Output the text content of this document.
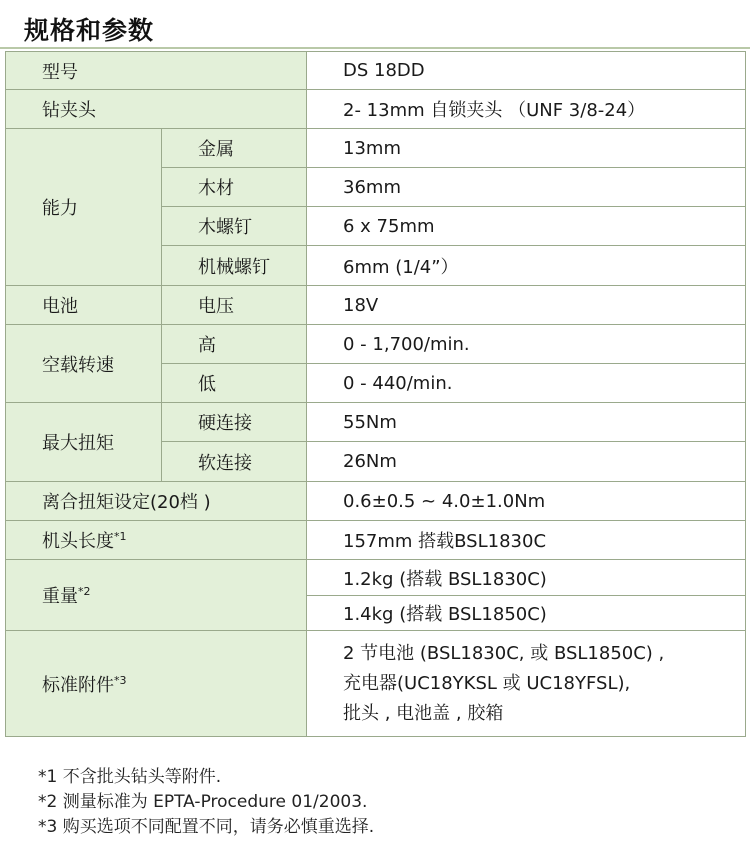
规格和参数
型号		DS 18DD
钻夹头		2- 13mm 自锁夹头 （UNF 3/8-24）
能力	金属	13mm
	木材	36mm
	木螺钉	6 x 75mm
	机械螺钉	6mm (1/4”）
电池	电压	18V
空载转速	高	0 - 1,700/min.
	低	0 - 440/min.
最大扭矩	硬连接	55Nm
	软连接	26Nm
离合扭矩设定(20档 )		0.6±0.5 ~ 4.0±1.0Nm
机头长度$^{*1}$		157mm 搭载BSL1830C
重量$^{*2}$		1.2kg (搭载 BSL1830C)
		1.4kg (搭载 BSL1850C)
标准附件$^{*3}$		2 节电池 (BSL1830C, 或 BSL1850C) ,
充电器(UC18YKSL 或 UC18YFSL),
批头 , 电池盖 , 胶箱
*1 不含批头钻头等附件.
*2 测量标准为 EPTA-Procedure 01/2003.
*3 购买选项不同配置不同，请务必慎重选择.
